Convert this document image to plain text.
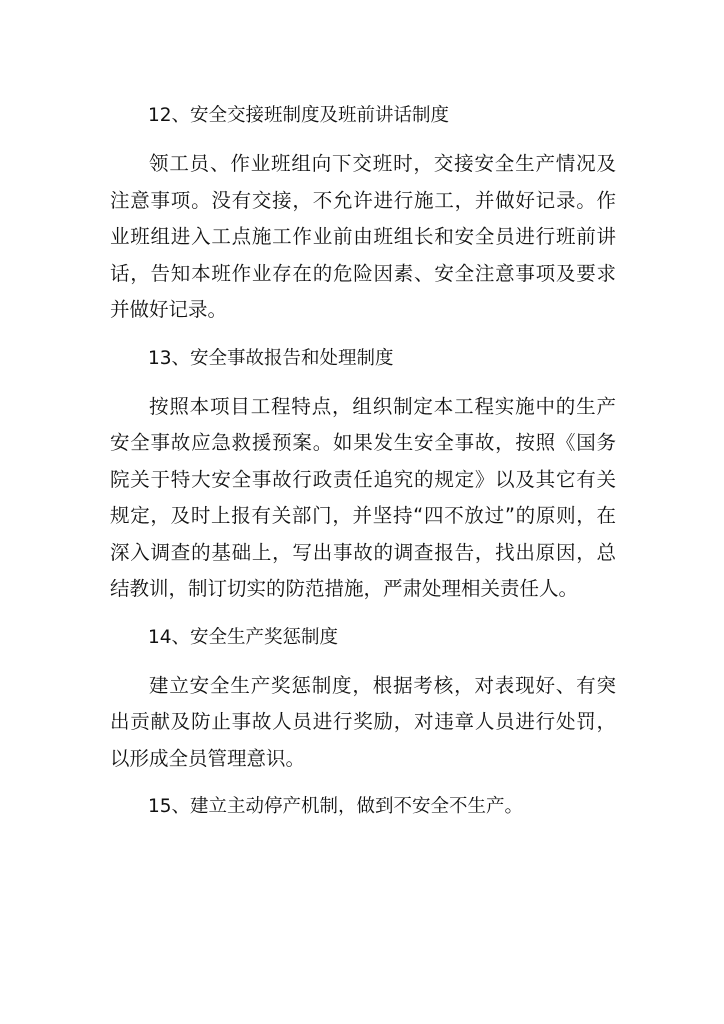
12、安全交接班制度及班前讲话制度

领工员、作业班组向下交班时，交接安全生产情况及注意事项。没有交接，不允许进行施工，并做好记录。作业班组进入工点施工作业前由班组长和安全员进行班前讲话，告知本班作业存在的危险因素、安全注意事项及要求并做好记录。

13、安全事故报告和处理制度

按照本项目工程特点，组织制定本工程实施中的生产安全事故应急救援预案。如果发生安全事故，按照《国务院关于特大安全事故行政责任追究的规定》以及其它有关规定，及时上报有关部门，并坚持“四不放过”的原则，在深入调查的基础上，写出事故的调查报告，找出原因，总结教训，制订切实的防范措施，严肃处理相关责任人。

14、安全生产奖惩制度

建立安全生产奖惩制度，根据考核，对表现好、有突出贡献及防止事故人员进行奖励，对违章人员进行处罚，以形成全员管理意识。

15、建立主动停产机制，做到不安全不生产。
